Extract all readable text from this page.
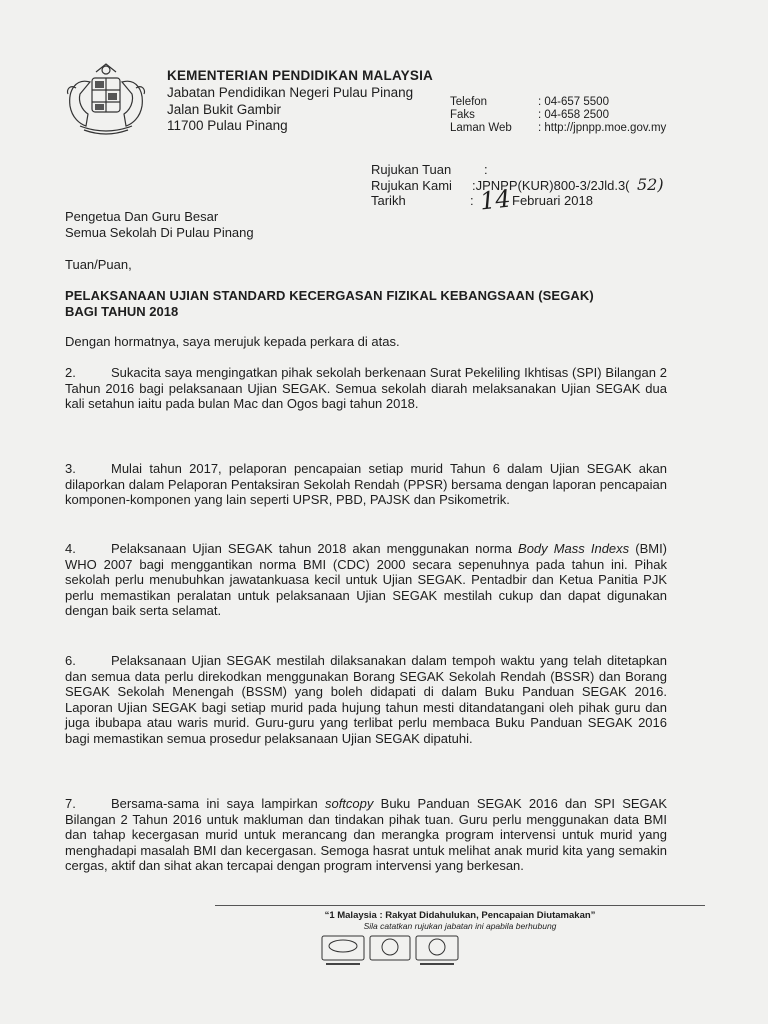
KEMENTERIAN PENDIDIKAN MALAYSIA
Jabatan Pendidikan Negeri Pulau Pinang
Jalan Bukit Gambir
11700 Pulau Pinang
Telefon	: 04-657 5500
Faks	: 04-658 2500
Laman Web : http://jpnpp.moe.gov.my
Rujukan Tuan	:
Rujukan Kami :JPNPP(KUR)800-3/2Jld.3( 52)
Tarikh	: 14 Februari 2018
Pengetua Dan Guru Besar
Semua Sekolah Di Pulau Pinang
Tuan/Puan,
PELAKSANAAN UJIAN STANDARD KECERGASAN FIZIKAL KEBANGSAAN (SEGAK)
BAGI TAHUN 2018
Dengan hormatnya, saya merujuk kepada perkara di atas.
2.	Sukacita saya mengingatkan pihak sekolah berkenaan Surat Pekeliling Ikhtisas (SPI) Bilangan 2 Tahun 2016 bagi pelaksanaan Ujian SEGAK. Semua sekolah diarah melaksanakan Ujian SEGAK dua kali setahun iaitu pada bulan Mac dan Ogos bagi tahun 2018.
3.	Mulai tahun 2017, pelaporan pencapaian setiap murid Tahun 6 dalam Ujian SEGAK akan dilaporkan dalam Pelaporan Pentaksiran Sekolah Rendah (PPSR) bersama dengan laporan pencapaian komponen-komponen yang lain seperti UPSR, PBD, PAJSK dan Psikometrik.
4.	Pelaksanaan Ujian SEGAK tahun 2018 akan menggunakan norma Body Mass Indexs (BMI) WHO 2007 bagi menggantikan norma BMI (CDC) 2000 secara sepenuhnya pada tahun ini. Pihak sekolah perlu menubuhkan jawatankuasa kecil untuk Ujian SEGAK. Pentadbir dan Ketua Panitia PJK perlu memastikan peralatan untuk pelaksanaan Ujian SEGAK mestilah cukup dan dapat digunakan dengan baik serta selamat.
6.	Pelaksanaan Ujian SEGAK mestilah dilaksanakan dalam tempoh waktu yang telah ditetapkan dan semua data perlu direkodkan menggunakan Borang SEGAK Sekolah Rendah (BSSR) dan Borang SEGAK Sekolah Menengah (BSSM) yang boleh didapati di dalam Buku Panduan SEGAK 2016. Laporan Ujian SEGAK bagi setiap murid pada hujung tahun mesti ditandatangani oleh pihak guru dan juga ibubapa atau waris murid. Guru-guru yang terlibat perlu membaca Buku Panduan SEGAK 2016 bagi memastikan semua prosedur pelaksanaan Ujian SEGAK dipatuhi.
7.	Bersama-sama ini saya lampirkan softcopy Buku Panduan SEGAK 2016 dan SPI SEGAK Bilangan 2 Tahun 2016 untuk makluman dan tindakan pihak tuan. Guru perlu menggunakan data BMI dan tahap kecergasan murid untuk merancang dan merangka program intervensi untuk murid yang menghadapi masalah BMI dan kecergasan. Semoga hasrat untuk melihat anak murid kita yang semakin cergas, aktif dan sihat akan tercapai dengan program intervensi yang berkesan.
“1 Malaysia : Rakyat Didahulukan, Pencapaian Diutamakan”
Sila catatkan rujukan jabatan ini apabila berhubung
